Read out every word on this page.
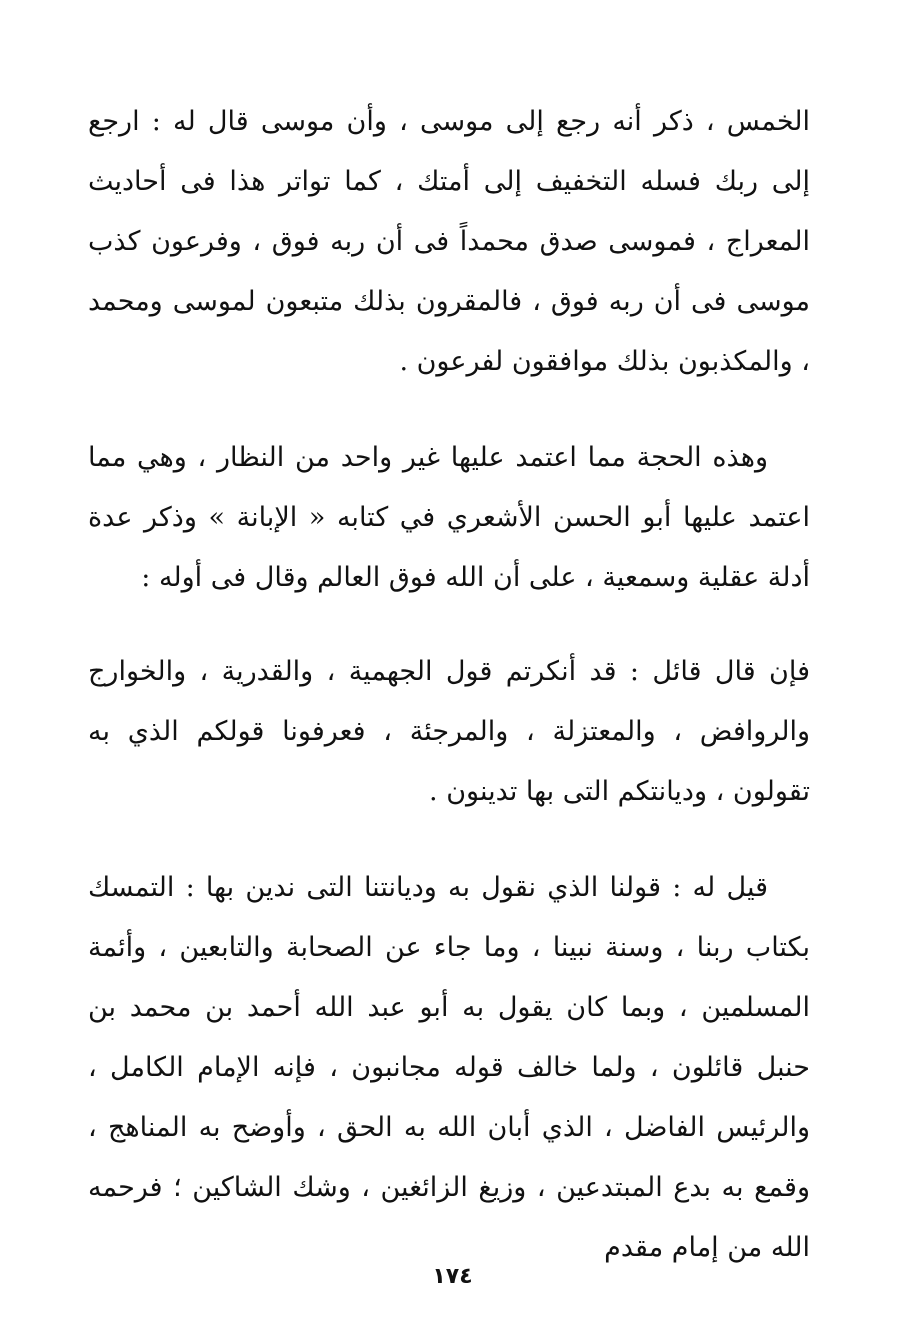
الخمس ، ذكر أنه رجع إلى موسى ، وأن موسى قال له : ارجع إلى ربك فسله التخفيف إلى أمتك ، كما تواتر هذا فى أحاديث المعراج ، فموسى صدق محمداً فى أن ربه فوق ، وفرعون كذب موسى فى أن ربه فوق ، فالمقرون بذلك متبعون لموسى ومحمد ، والمكذبون بذلك موافقون لفرعون .

وهذه الحجة مما اعتمد عليها غير واحد من النظار ، وهي مما اعتمد عليها أبو الحسن الأشعري في كتابه « الإبانة » وذكر عدة أدلة عقلية وسمعية ، على أن الله فوق العالم وقال فى أوله :

فإن قال قائل : قد أنكرتم قول الجهمية ، والقدرية ، والخوارج والروافض ، والمعتزلة ، والمرجئة ، فعرفونا قولكم الذي به تقولون ، وديانتكم التى بها تدينون .

قيل له : قولنا الذي نقول به وديانتنا التى ندين بها : التمسك بكتاب ربنا ، وسنة نبينا ، وما جاء عن الصحابة والتابعين ، وأئمة المسلمين ، وبما كان يقول به أبو عبد الله أحمد بن محمد بن حنبل قائلون ، ولما خالف قوله مجانبون ، فإنه الإمام الكامل ، والرئيس الفاضل ، الذي أبان الله به الحق ، وأوضح به المناهج ، وقمع به بدع المبتدعين ، وزيغ الزائغين ، وشك الشاكين ؛ فرحمه الله من إمام مقدم

١٧٤
